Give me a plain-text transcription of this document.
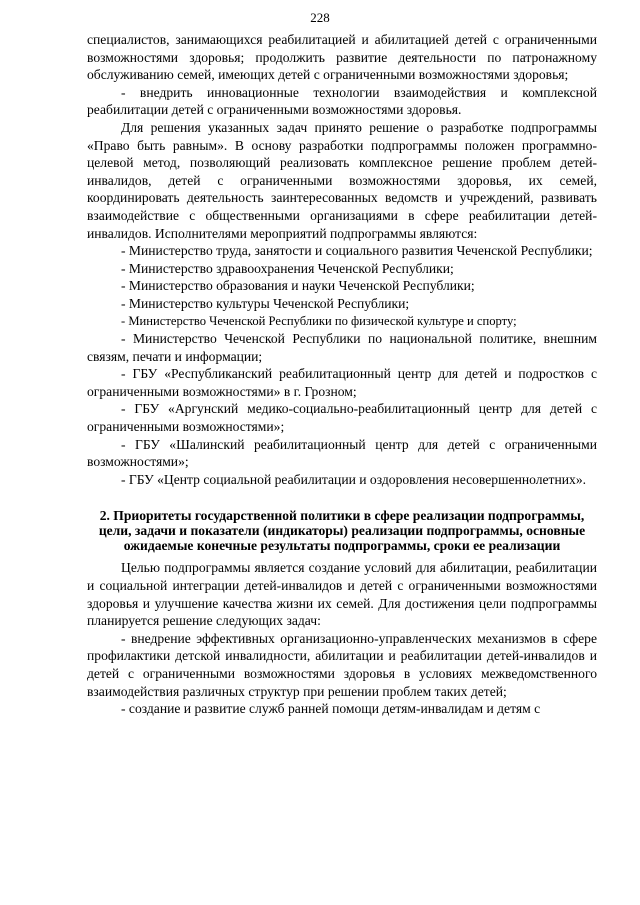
228

специалистов, занимающихся реабилитацией и абилитацией детей с ограниченными возможностями здоровья; продолжить развитие деятельности по патронажному обслуживанию семей, имеющих детей с ограниченными возможностями здоровья;

- внедрить инновационные технологии взаимодействия и комплексной реабилитации детей с ограниченными возможностями здоровья.

Для решения указанных задач принято решение о разработке подпрограммы «Право быть равным». В основу разработки подпрограммы положен программно-целевой метод, позволяющий реализовать комплексное решение проблем детей-инвалидов, детей с ограниченными возможностями здоровья, их семей, координировать деятельность заинтересованных ведомств и учреждений, развивать взаимодействие с общественными организациями в сфере реабилитации детей-инвалидов. Исполнителями мероприятий подпрограммы являются:

- Министерство труда, занятости и социального развития Чеченской Республики;

- Министерство здравоохранения Чеченской Республики;

- Министерство образования и науки Чеченской Республики;

- Министерство культуры Чеченской Республики;

- Министерство Чеченской Республики по физической культуре и спорту;

- Министерство Чеченской Республики по национальной политике, внешним связям, печати и информации;

- ГБУ «Республиканский реабилитационный центр для детей и подростков с ограниченными возможностями» в г. Грозном;

- ГБУ «Аргунский медико-социально-реабилитационный центр для детей с ограниченными возможностями»;

- ГБУ «Шалинский реабилитационный центр для детей с ограниченными возможностями»;

- ГБУ «Центр социальной реабилитации и оздоровления несовершеннолетних».

2. Приоритеты государственной политики в сфере реализации подпрограммы, цели, задачи и показатели (индикаторы) реализации подпрограммы, основные ожидаемые конечные результаты подпрограммы, сроки ее реализации

Целью подпрограммы является создание условий для абилитации, реабилитации и социальной интеграции детей-инвалидов и детей с ограниченными возможностями здоровья и улучшение качества жизни их семей. Для достижения цели подпрограммы планируется решение следующих задач:

- внедрение эффективных организационно-управленческих механизмов в сфере профилактики детской инвалидности, абилитации и реабилитации детей-инвалидов и детей с ограниченными возможностями здоровья в условиях межведомственного взаимодействия различных структур при решении проблем таких детей;

- создание и развитие служб ранней помощи детям-инвалидам и детям с
